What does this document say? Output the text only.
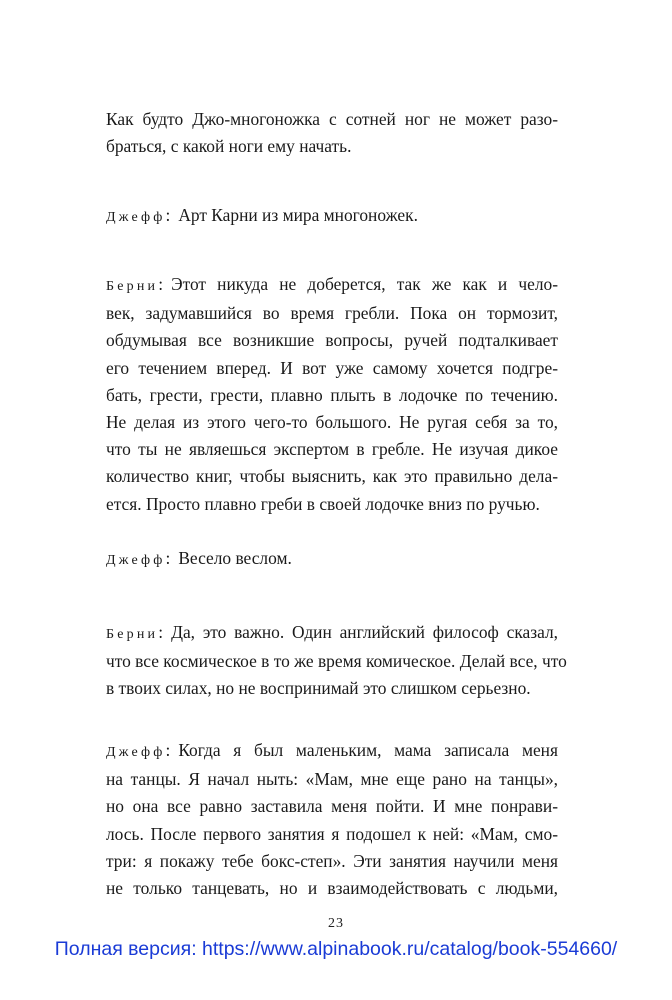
Как будто Джо-многоножка с сотней ног не может разо-
браться, с какой ноги ему начать.

Джефф: Арт Карни из мира многоножек.

Берни: Этот никуда не доберется, так же как и чело-
век, задумавшийся во время гребли. Пока он тормозит,
обдумывая все возникшие вопросы, ручей подталкивает
его течением вперед. И вот уже самому хочется подгре-
бать, грести, грести, плавно плыть в лодочке по течению.
Не делая из этого чего-то большого. Не ругая себя за то,
что ты не являешься экспертом в гребле. Не изучая дикое
количество книг, чтобы выяснить, как это правильно дела-
ется. Просто плавно греби в своей лодочке вниз по ручью.

Джефф: Весело веслом.

Берни: Да, это важно. Один английский философ сказал,
что все космическое в то же время комическое. Делай все, что
в твоих силах, но не воспринимай это слишком серьезно.

Джефф: Когда я был маленьким, мама записала меня
на танцы. Я начал ныть: «Мам, мне еще рано на танцы»,
но она все равно заставила меня пойти. И мне понрави-
лось. После первого занятия я подошел к ней: «Мам, смо-
три: я покажу тебе бокс-степ». Эти занятия научили меня
не только танцевать, но и взаимодействовать с людьми,

23
Полная версия: https://www.alpinabook.ru/catalog/book-554660/
